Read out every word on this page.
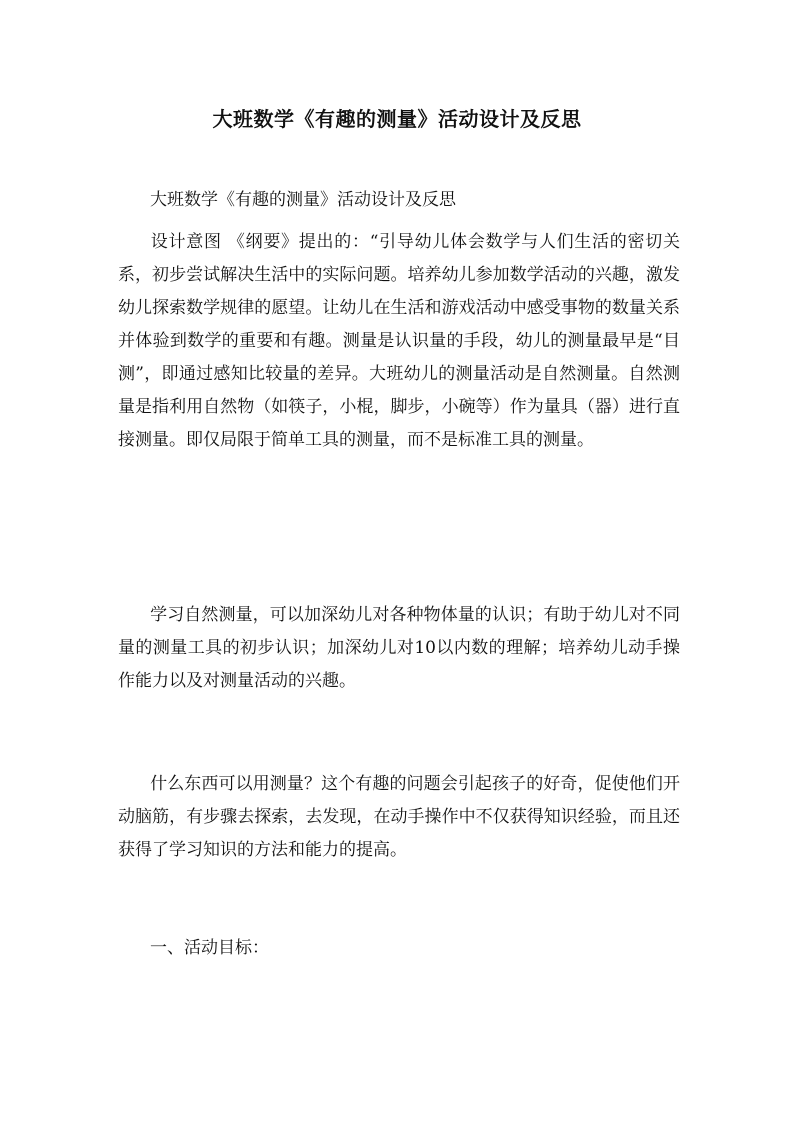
大班数学《有趣的测量》活动设计及反思
大班数学《有趣的测量》活动设计及反思
设计意图 《纲要》提出的：“引导幼儿体会数学与人们生活的密切关系，初步尝试解决生活中的实际问题。培养幼儿参加数学活动的兴趣，激发幼儿探索数学规律的愿望。让幼儿在生活和游戏活动中感受事物的数量关系并体验到数学的重要和有趣。测量是认识量的手段，幼儿的测量最早是“目测”，即通过感知比较量的差异。大班幼儿的测量活动是自然测量。自然测量是指利用自然物（如筷子，小棍，脚步，小碗等）作为量具（器）进行直接测量。即仅局限于简单工具的测量，而不是标准工具的测量。
学习自然测量，可以加深幼儿对各种物体量的认识；有助于幼儿对不同量的测量工具的初步认识；加深幼儿对10以内数的理解；培养幼儿动手操作能力以及对测量活动的兴趣。
什么东西可以用测量？这个有趣的问题会引起孩子的好奇，促使他们开动脑筋，有步骤去探索，去发现，在动手操作中不仅获得知识经验，而且还获得了学习知识的方法和能力的提高。
一、活动目标：
